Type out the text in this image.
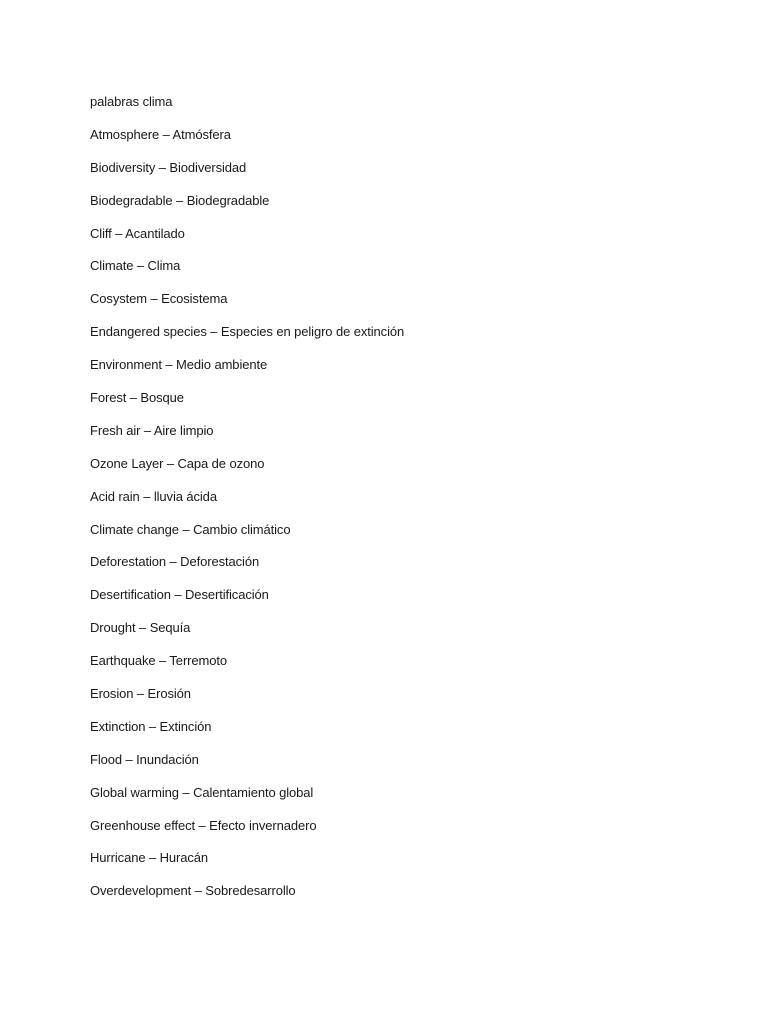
palabras clima

Atmosphere – Atmósfera

Biodiversity – Biodiversidad

Biodegradable – Biodegradable

Cliff – Acantilado

Climate – Clima

Cosystem – Ecosistema

Endangered species – Especies en peligro de extinción

Environment – Medio ambiente

Forest – Bosque

Fresh air – Aire limpio

Ozone Layer – Capa de ozono

Acid rain – lluvia ácida

Climate change – Cambio climático

Deforestation – Deforestación

Desertification – Desertificación

Drought – Sequía

Earthquake – Terremoto

Erosion – Erosión

Extinction – Extinción

Flood – Inundación

Global warming – Calentamiento global

Greenhouse effect – Efecto invernadero

Hurricane – Huracán

Overdevelopment – Sobredesarrollo
